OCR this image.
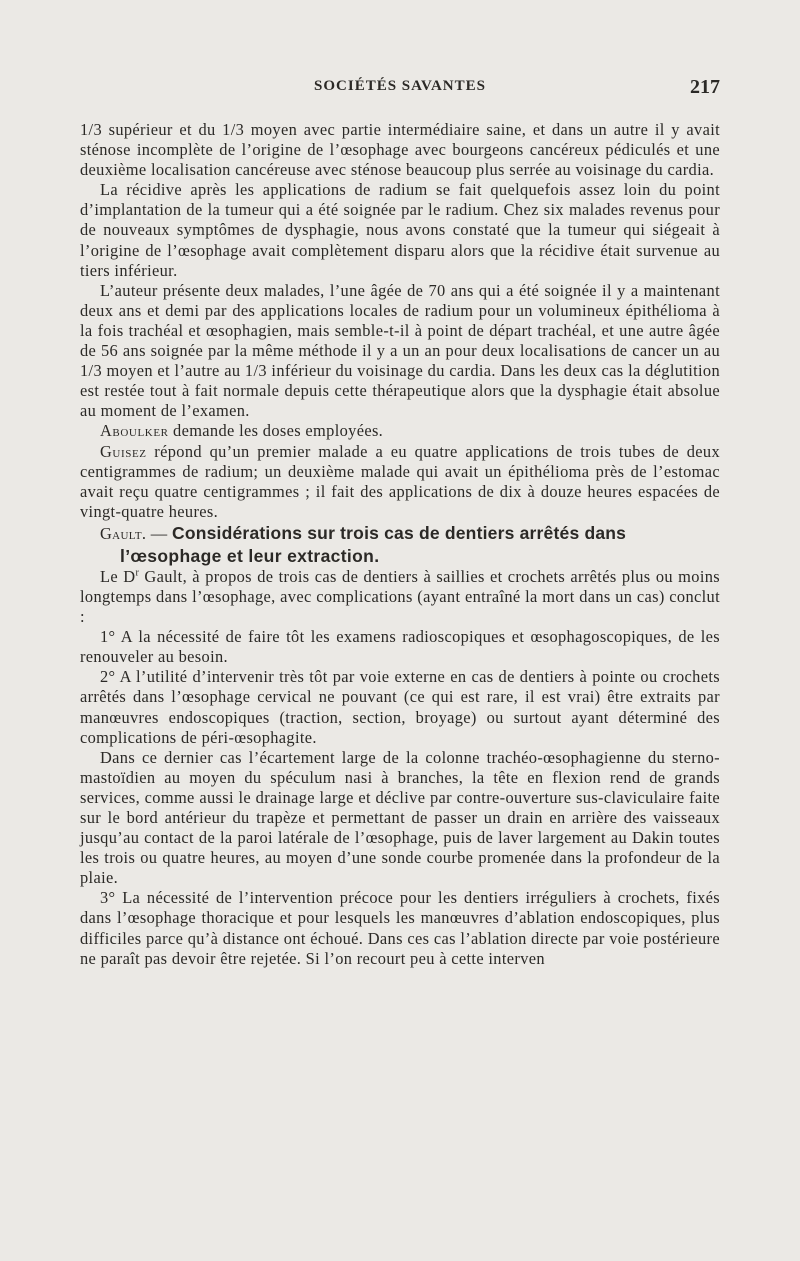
SOCIÉTÉS SAVANTES	217

1/3 supérieur et du 1/3 moyen avec partie intermédiaire saine, et dans un autre il y avait sténose incomplète de l’origine de l’œsophage avec bourgeons cancéreux pédiculés et une deuxième localisation cancéreuse avec sténose beaucoup plus serrée au voisinage du cardia.

La récidive après les applications de radium se fait quelquefois assez loin du point d’implantation de la tumeur qui a été soignée par le radium. Chez six malades revenus pour de nouveaux symptômes de dysphagie, nous avons constaté que la tumeur qui siégeait à l’origine de l’œsophage avait complètement disparu alors que la récidive était survenue au tiers inférieur.

L’auteur présente deux malades, l’une âgée de 70 ans qui a été soignée il y a maintenant deux ans et demi par des applications locales de radium pour un volumineux épithélioma à la fois trachéal et œsophagien, mais semble-t-il à point de départ trachéal, et une autre âgée de 56 ans soignée par la même méthode il y a un an pour deux localisations de cancer un au 1/3 moyen et l’autre au 1/3 inférieur du voisinage du cardia. Dans les deux cas la déglutition est restée tout à fait normale depuis cette thérapeutique alors que la dysphagie était absolue au moment de l’examen.

Aboulker demande les doses employées.

Guisez répond qu’un premier malade a eu quatre applications de trois tubes de deux centigrammes de radium; un deuxième malade qui avait un épithélioma près de l’estomac avait reçu quatre centigrammes ; il fait des applications de dix à douze heures espacées de vingt-quatre heures.

Gault. — Considérations sur trois cas de dentiers arrêtés dans
l’œsophage et leur extraction.

Le $D^r$ Gault, à propos de trois cas de dentiers à saillies et crochets arrêtés plus ou moins longtemps dans l’œsophage, avec complications (ayant entraîné la mort dans un cas) conclut :

1° A la nécessité de faire tôt les examens radioscopiques et œsophagoscopiques, de les renouveler au besoin.

2° A l’utilité d’intervenir très tôt par voie externe en cas de dentiers à pointe ou crochets arrêtés dans l’œsophage cervical ne pouvant (ce qui est rare, il est vrai) être extraits par manœuvres endoscopiques (traction, section, broyage) ou surtout ayant déterminé des complications de péri-œsophagite.

Dans ce dernier cas l’écartement large de la colonne trachéo-œsophagienne du sterno-mastoïdien au moyen du spéculum nasi à branches, la tête en flexion rend de grands services, comme aussi le drainage large et déclive par contre-ouverture sus-claviculaire faite sur le bord antérieur du trapèze et permettant de passer un drain en arrière des vaisseaux jusqu’au contact de la paroi latérale de l’œsophage, puis de laver largement au Dakin toutes les trois ou quatre heures, au moyen d’une sonde courbe promenée dans la profondeur de la plaie.

3° La nécessité de l’intervention précoce pour les dentiers irréguliers à crochets, fixés dans l’œsophage thoracique et pour lesquels les manœuvres d’ablation endoscopiques, plus difficiles parce qu’à distance ont échoué. Dans ces cas l’ablation directe par voie postérieure ne paraît pas devoir être rejetée. Si l’on recourt peu à cette interven
